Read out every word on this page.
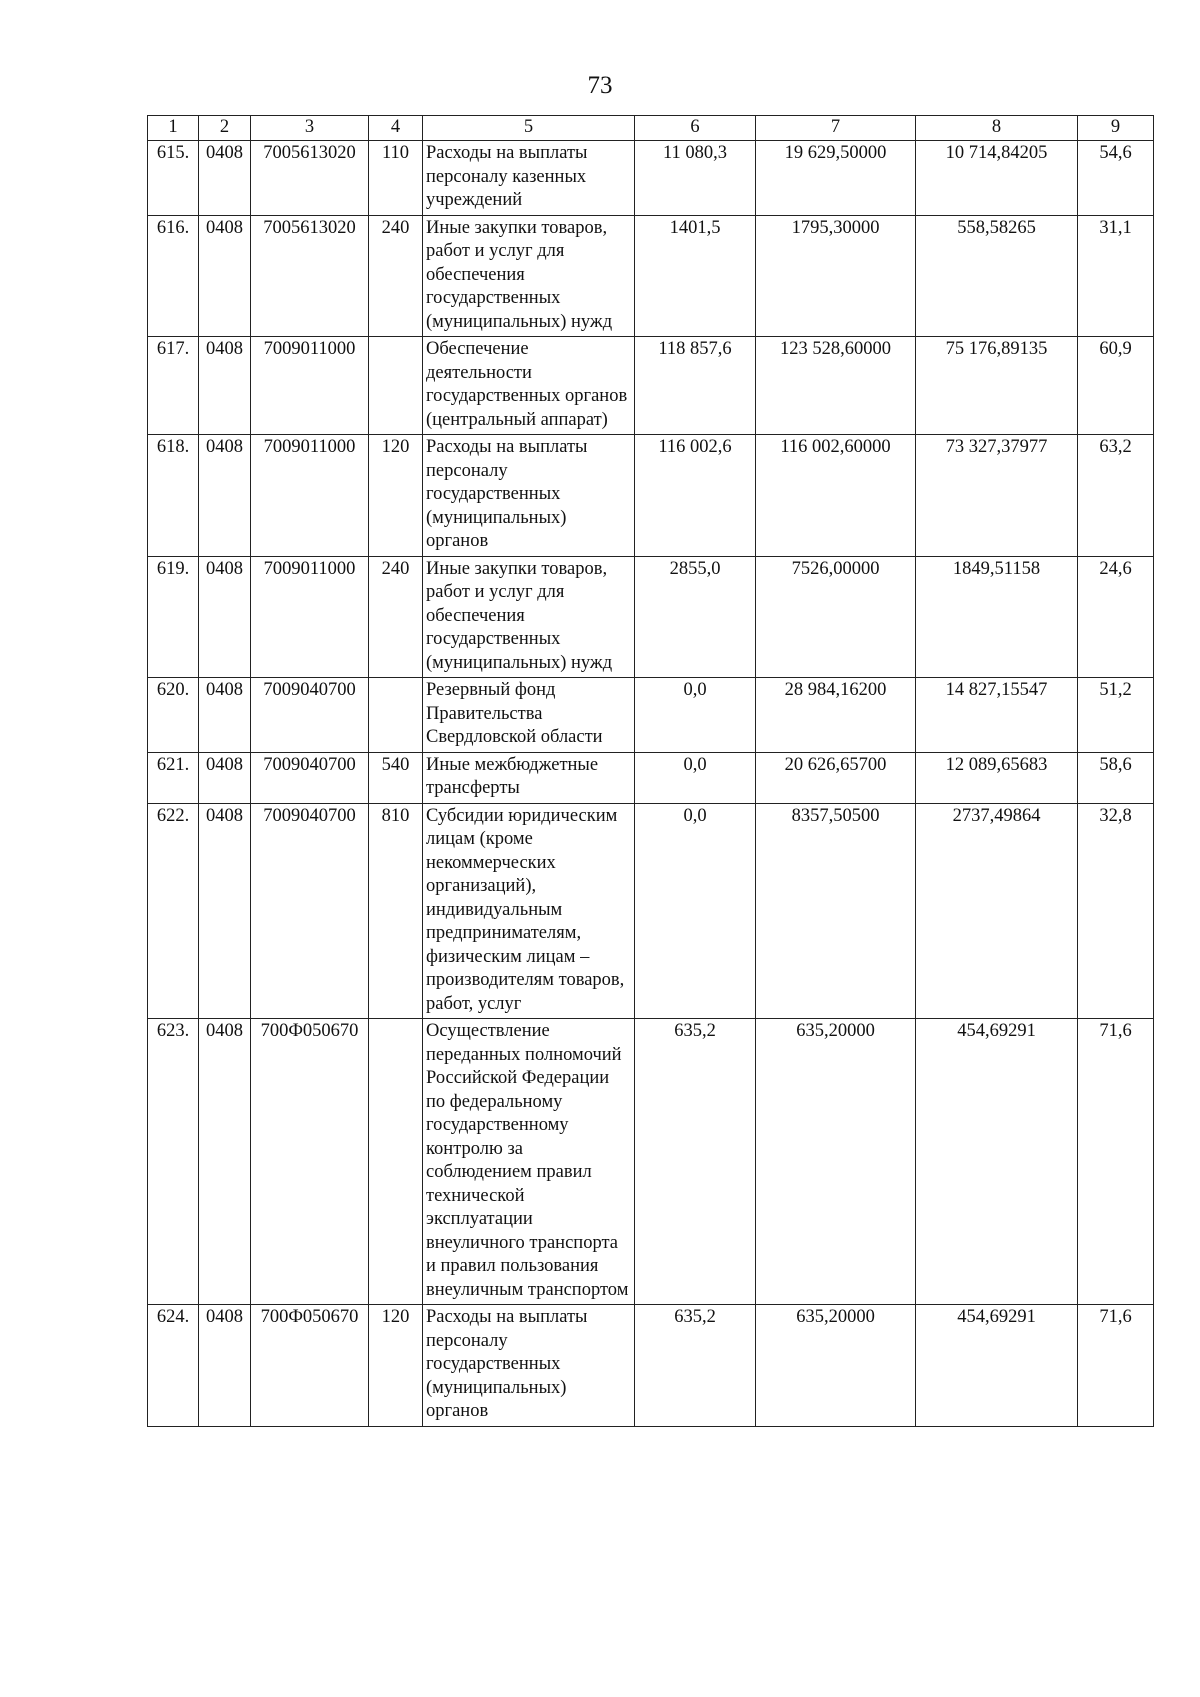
73
1	2	3	4	5	6	7	8	9
615.	0408	7005613020	110	Расходы на выплаты персоналу казенных учреждений	11 080,3	19 629,50000	10 714,84205	54,6
616.	0408	7005613020	240	Иные закупки товаров, работ и услуг для обеспечения государственных (муниципальных) нужд	1401,5	1795,30000	558,58265	31,1
617.	0408	7009011000		Обеспечение деятельности государственных органов (центральный аппарат)	118 857,6	123 528,60000	75 176,89135	60,9
618.	0408	7009011000	120	Расходы на выплаты персоналу государственных (муниципальных) органов	116 002,6	116 002,60000	73 327,37977	63,2
619.	0408	7009011000	240	Иные закупки товаров, работ и услуг для обеспечения государственных (муниципальных) нужд	2855,0	7526,00000	1849,51158	24,6
620.	0408	7009040700		Резервный фонд Правительства Свердловской области	0,0	28 984,16200	14 827,15547	51,2
621.	0408	7009040700	540	Иные межбюджетные трансферты	0,0	20 626,65700	12 089,65683	58,6
622.	0408	7009040700	810	Субсидии юридическим лицам (кроме некоммерческих организаций), индивидуальным предпринимателям, физическим лицам – производителям товаров, работ, услуг	0,0	8357,50500	2737,49864	32,8
623.	0408	700Ф050670		Осуществление переданных полномочий Российской Федерации по федеральному государственному контролю за соблюдением правил технической эксплуатации внеуличного транспорта и правил пользования внеуличным транспортом	635,2	635,20000	454,69291	71,6
624.	0408	700Ф050670	120	Расходы на выплаты персоналу государственных (муниципальных) органов	635,2	635,20000	454,69291	71,6
